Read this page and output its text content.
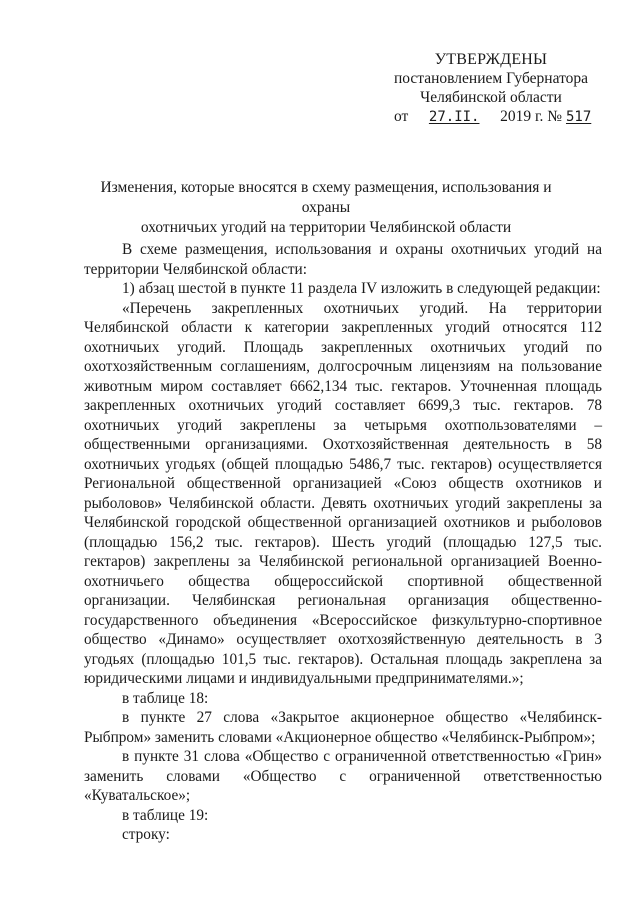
УТВЕРЖДЕНЫ
постановлением Губернатора
Челябинской области
от 27.II. 2019 г. № 517
Изменения, которые вносятся в схему размещения, использования и охраны
охотничьих угодий на территории Челябинской области

В схеме размещения, использования и охраны охотничьих угодий на территории Челябинской области:

1) абзац шестой в пункте 11 раздела IV изложить в следующей редакции:

«Перечень закрепленных охотничьих угодий. На территории Челябинской области к категории закрепленных угодий относятся 112 охотничьих угодий. Площадь закрепленных охотничьих угодий по охотхозяйственным соглашениям, долгосрочным лицензиям на пользование животным миром составляет 6662,134 тыс. гектаров. Уточненная площадь закрепленных охотничьих угодий составляет 6699,3 тыс. гектаров. 78 охотничьих угодий закреплены за четырьмя охотпользователями – общественными организациями. Охотхозяйственная деятельность в 58 охотничьих угодьях (общей площадью 5486,7 тыс. гектаров) осуществляется Региональной общественной организацией «Союз обществ охотников и рыболовов» Челябинской области. Девять охотничьих угодий закреплены за Челябинской городской общественной организацией охотников и рыболовов (площадью 156,2 тыс. гектаров). Шесть угодий (площадью 127,5 тыс. гектаров) закреплены за Челябинской региональной организацией Военно-охотничьего общества общероссийской спортивной общественной организации. Челябинская региональная организация общественно-государственного объединения «Всероссийское физкультурно-спортивное общество «Динамо» осуществляет охотхозяйственную деятельность в 3 угодьях (площадью 101,5 тыс. гектаров). Остальная площадь закреплена за юридическими лицами и индивидуальными предпринимателями.»;

в таблице 18:

в пункте 27 слова «Закрытое акционерное общество «Челябинск-Рыбпром» заменить словами «Акционерное общество «Челябинск-Рыбпром»;

в пункте 31 слова «Общество с ограниченной ответственностью «Грин» заменить словами «Общество с ограниченной ответственностью «Куватальское»;

в таблице 19:

строку:
